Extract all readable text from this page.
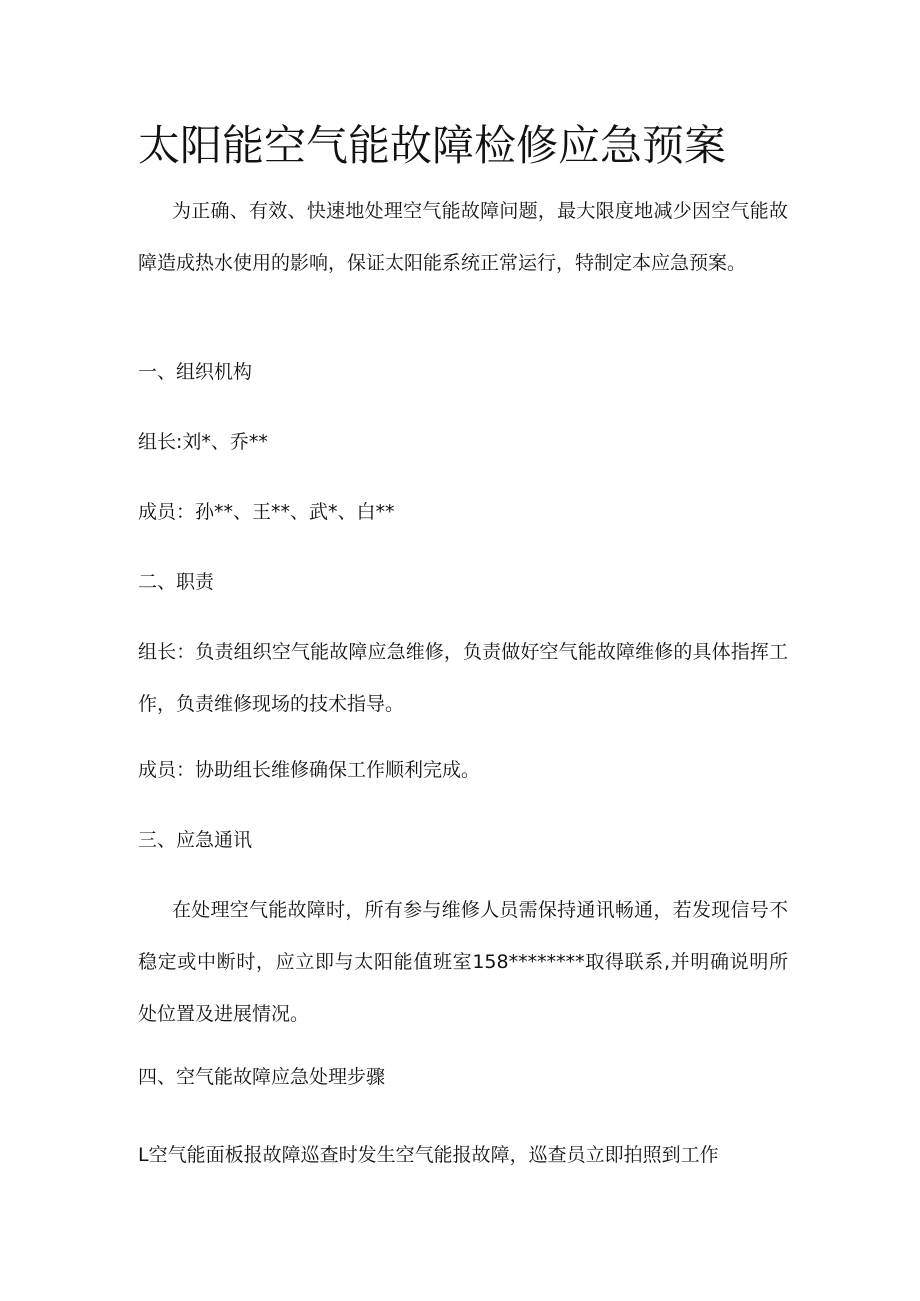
太阳能空气能故障检修应急预案

为正确、有效、快速地处理空气能故障问题，最大限度地减少因空气能故障造成热水使用的影响，保证太阳能系统正常运行，特制定本应急预案。

一、组织机构

组长:刘*、乔**

成员：孙**、王**、武*、白**

二、职责

组长：负责组织空气能故障应急维修，负责做好空气能故障维修的具体指挥工作，负责维修现场的技术指导。

成员：协助组长维修确保工作顺利完成。

三、应急通讯

在处理空气能故障时，所有参与维修人员需保持通讯畅通，若发现信号不稳定或中断时，应立即与太阳能值班室158********取得联系,并明确说明所处位置及进展情况。

四、空气能故障应急处理步骤

L空气能面板报故障巡查时发生空气能报故障，巡查员立即拍照到工作
